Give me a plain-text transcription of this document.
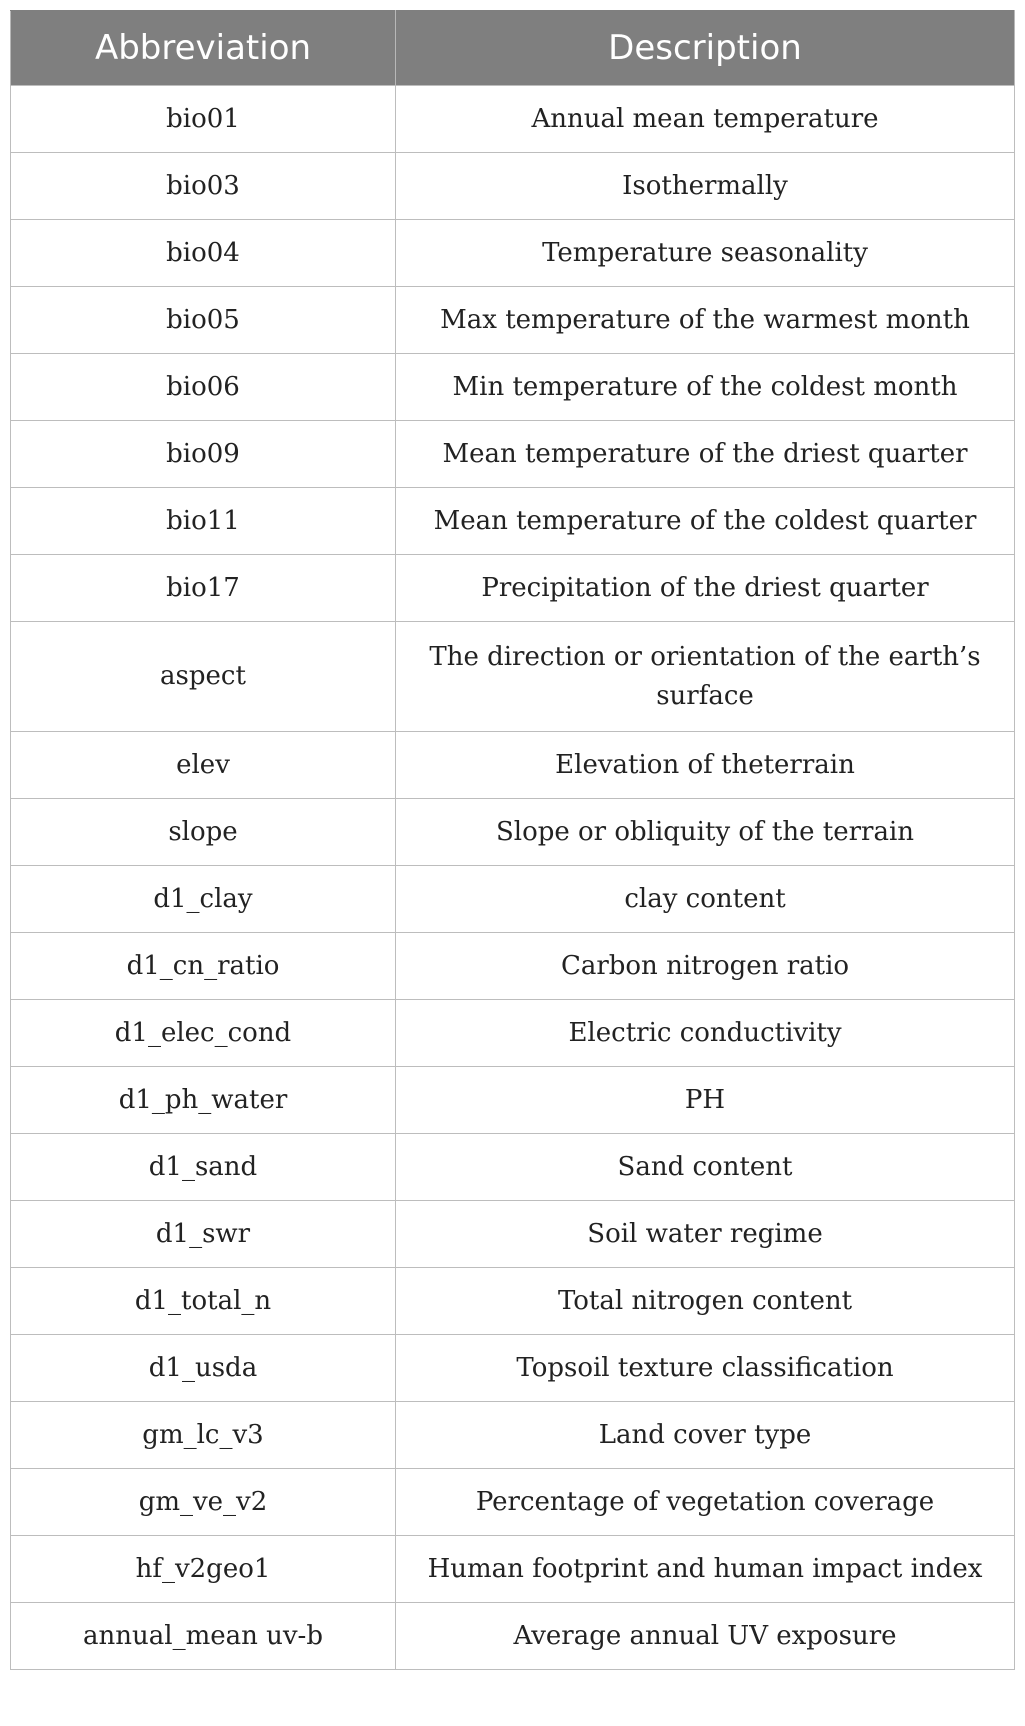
Abbreviation	Description
bio01	Annual mean temperature
bio03	Isothermally
bio04	Temperature seasonality
bio05	Max temperature of the warmest month
bio06	Min temperature of the coldest month
bio09	Mean temperature of the driest quarter
bio11	Mean temperature of the coldest quarter
bio17	Precipitation of the driest quarter
aspect	The direction or orientation of the earth’s surface
elev	Elevation of theterrain
slope	Slope or obliquity of the terrain
d1_clay	clay content
d1_cn_ratio	Carbon nitrogen ratio
d1_elec_cond	Electric conductivity
d1_ph_water	PH
d1_sand	Sand content
d1_swr	Soil water regime
d1_total_n	Total nitrogen content
d1_usda	Topsoil texture classification
gm_lc_v3	Land cover type
gm_ve_v2	Percentage of vegetation coverage
hf_v2geo1	Human footprint and human impact index
annual_mean uv-b	Average annual UV exposure
